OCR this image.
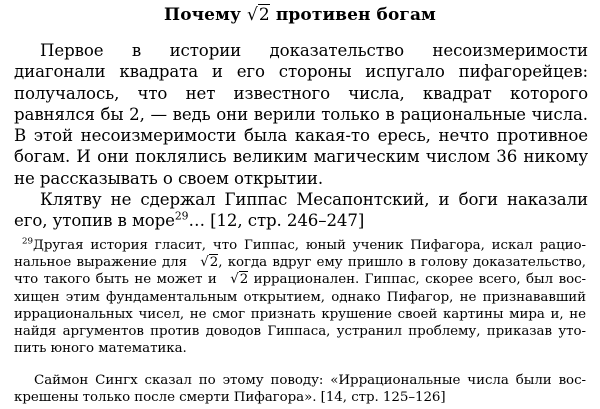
Почему √2 противен богам
Первое в истории доказательство несоизмеримости диагонали квадрата и его стороны испугало пифагорейцев: получалось, что нет известного числа, квадрат которого равнялся бы 2, — ведь они верили только в рациональные числа. В этой несоизмеримости была какая-то ересь, нечто противное богам. И они поклялись великим магическим числом 36 никому не рассказывать о своем открытии.
Клятву не сдержал Гиппас Месапонтский, и боги наказали его, утопив в море$^{29}$… [12, стр. 246–247]
$^{29}$Другая история гласит, что Гиппас, юный ученик Пифагора, искал рацио- нальное выражение для √2, когда вдруг ему пришло в голову доказательство, что такого быть не может и √2 иррационален. Гиппас, скорее всего, был вос- хищен этим фундаментальным открытием, однако Пифагор, не признававший иррациональных чисел, не смог признать крушение своей картины мира и, не найдя аргументов против доводов Гиппаса, устранил проблему, приказав уто- пить юного математика.
Саймон Сингх сказал по этому поводу: «Иррациональные числа были вос- крешены только после смерти Пифагора». [14, стр. 125–126]
